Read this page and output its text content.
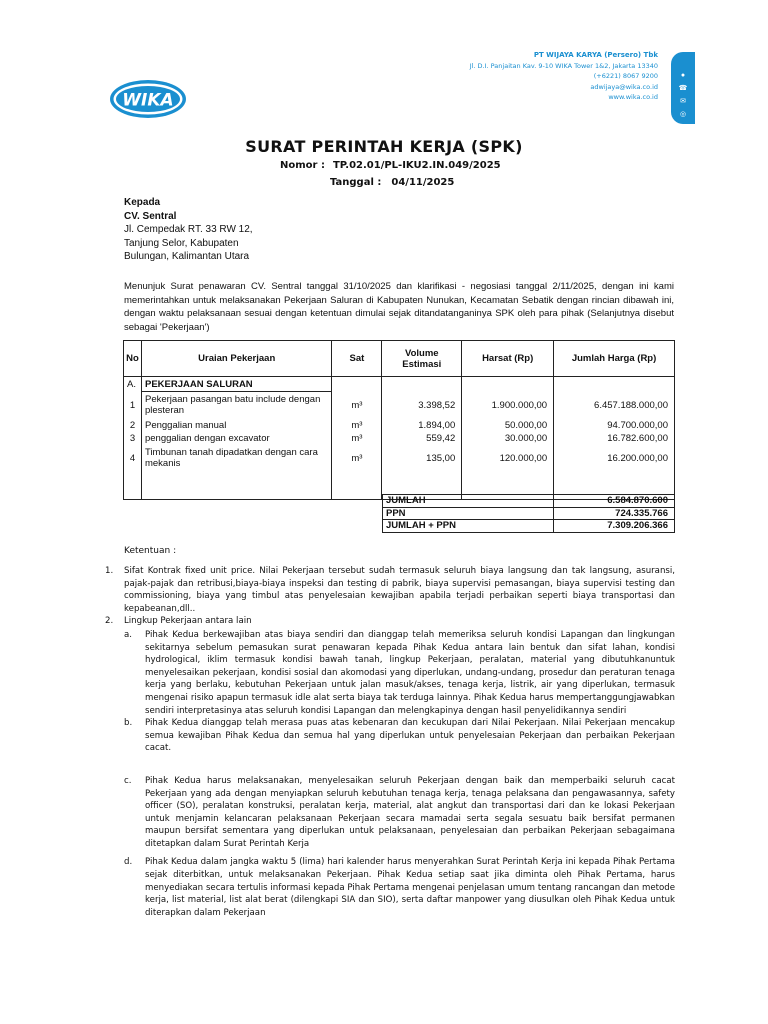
WIKA
PT WIJAYA KARYA (Persero) Tbk
Jl. D.I. Panjaitan Kav. 9-10 WIKA Tower 1&2, Jakarta 13340
(+6221) 8067 9200
adwijaya@wika.co.id
www.wika.co.id
●
☎
✉
◎
SURAT PERINTAH KERJA (SPK)
Nomor : TP.02.01/PL-IKU2.IN.049/2025
Tanggal : 04/11/2025
Kepada
CV. Sentral
Jl. Cempedak RT. 33 RW 12,
Tanjung Selor, Kabupaten
Bulungan, Kalimantan Utara
Menunjuk Surat penawaran CV. Sentral tanggal 31/10/2025 dan klarifikasi - negosiasi tanggal 2/11/2025, dengan ini kami memerintahkan untuk melaksanakan Pekerjaan Saluran di Kabupaten Nunukan, Kecamatan Sebatik dengan rincian dibawah ini, dengan waktu pelaksanaan sesuai dengan ketentuan dimulai sejak ditandatanganinya SPK oleh para pihak (Selanjutnya disebut sebagai 'Pekerjaan')
No	Uraian Pekerjaan	Sat	Volume Estimasi	Harsat (Rp)	Jumlah Harga (Rp)
A.	PEKERJAAN SALURAN				
1	Pekerjaan pasangan batu include dengan plesteran	m³	3.398,52	1.900.000,00	6.457.188.000,00
2	Penggalian manual	m³	1.894,00	50.000,00	94.700.000,00
3	penggalian dengan excavator	m³	559,42	30.000,00	16.782.600,00
4	Timbunan tanah dipadatkan dengan cara mekanis	m³	135,00	120.000,00	16.200.000,00

JUMLAH	6.584.870.600
PPN	724.335.766
JUMLAH + PPN	7.309.206.366
Ketentuan :
1.	Sifat Kontrak fixed unit price. Nilai Pekerjaan tersebut sudah termasuk seluruh biaya langsung dan tak langsung, asuransi, pajak-pajak dan retribusi,biaya-biaya inspeksi dan testing di pabrik, biaya supervisi pemasangan, biaya supervisi testing dan commissioning, biaya yang timbul atas penyelesaian kewajiban apabila terjadi perbaikan seperti biaya transportasi dan kepabeanan,dll..
2.	Lingkup Pekerjaan antara lain
a.	Pihak Kedua berkewajiban atas biaya sendiri dan dianggap telah memeriksa seluruh kondisi Lapangan dan lingkungan sekitarnya sebelum pemasukan surat penawaran kepada Pihak Kedua antara lain bentuk dan sifat lahan, kondisi hydrological, iklim termasuk kondisi bawah tanah, lingkup Pekerjaan, peralatan, material yang dibutuhkanuntuk menyelesaikan pekerjaan, kondisi sosial dan akomodasi yang diperlukan, undang-undang, prosedur dan peraturan tenaga kerja yang berlaku, kebutuhan Pekerjaan untuk jalan masuk/akses, tenaga kerja, listrik, air yang diperlukan, termasuk mengenai risiko apapun termasuk idle alat serta biaya tak terduga lainnya. Pihak Kedua harus mempertanggungjawabkan sendiri interpretasinya atas seluruh kondisi Lapangan dan melengkapinya dengan hasil penyelidikannya sendiri
b.	Pihak Kedua dianggap telah merasa puas atas kebenaran dan kecukupan dari Nilai Pekerjaan. Nilai Pekerjaan mencakup semua kewajiban Pihak Kedua dan semua hal yang diperlukan untuk penyelesaian Pekerjaan dan perbaikan Pekerjaan cacat.
c.	Pihak Kedua harus melaksanakan, menyelesaikan seluruh Pekerjaan dengan baik dan memperbaiki seluruh cacat Pekerjaan yang ada dengan menyiapkan seluruh kebutuhan tenaga kerja, tenaga pelaksana dan pengawasannya, safety officer (SO), peralatan konstruksi, peralatan kerja, material, alat angkut dan transportasi dari dan ke lokasi Pekerjaan untuk menjamin kelancaran pelaksanaan Pekerjaan secara mamadai serta segala sesuatu baik bersifat permanen maupun bersifat sementara yang diperlukan untuk pelaksanaan, penyelesaian dan perbaikan Pekerjaan sebagaimana ditetapkan dalam Surat Perintah Kerja
d.	Pihak Kedua dalam jangka waktu 5 (lima) hari kalender harus menyerahkan Surat Perintah Kerja ini kepada Pihak Pertama sejak diterbitkan, untuk melaksanakan Pekerjaan. Pihak Kedua setiap saat jika diminta oleh Pihak Pertama, harus menyediakan secara tertulis informasi kepada Pihak Pertama mengenai penjelasan umum tentang rancangan dan metode kerja, list material, list alat berat (dilengkapi SIA dan SIO), serta daftar manpower yang diusulkan oleh Pihak Kedua untuk diterapkan dalam Pekerjaan
